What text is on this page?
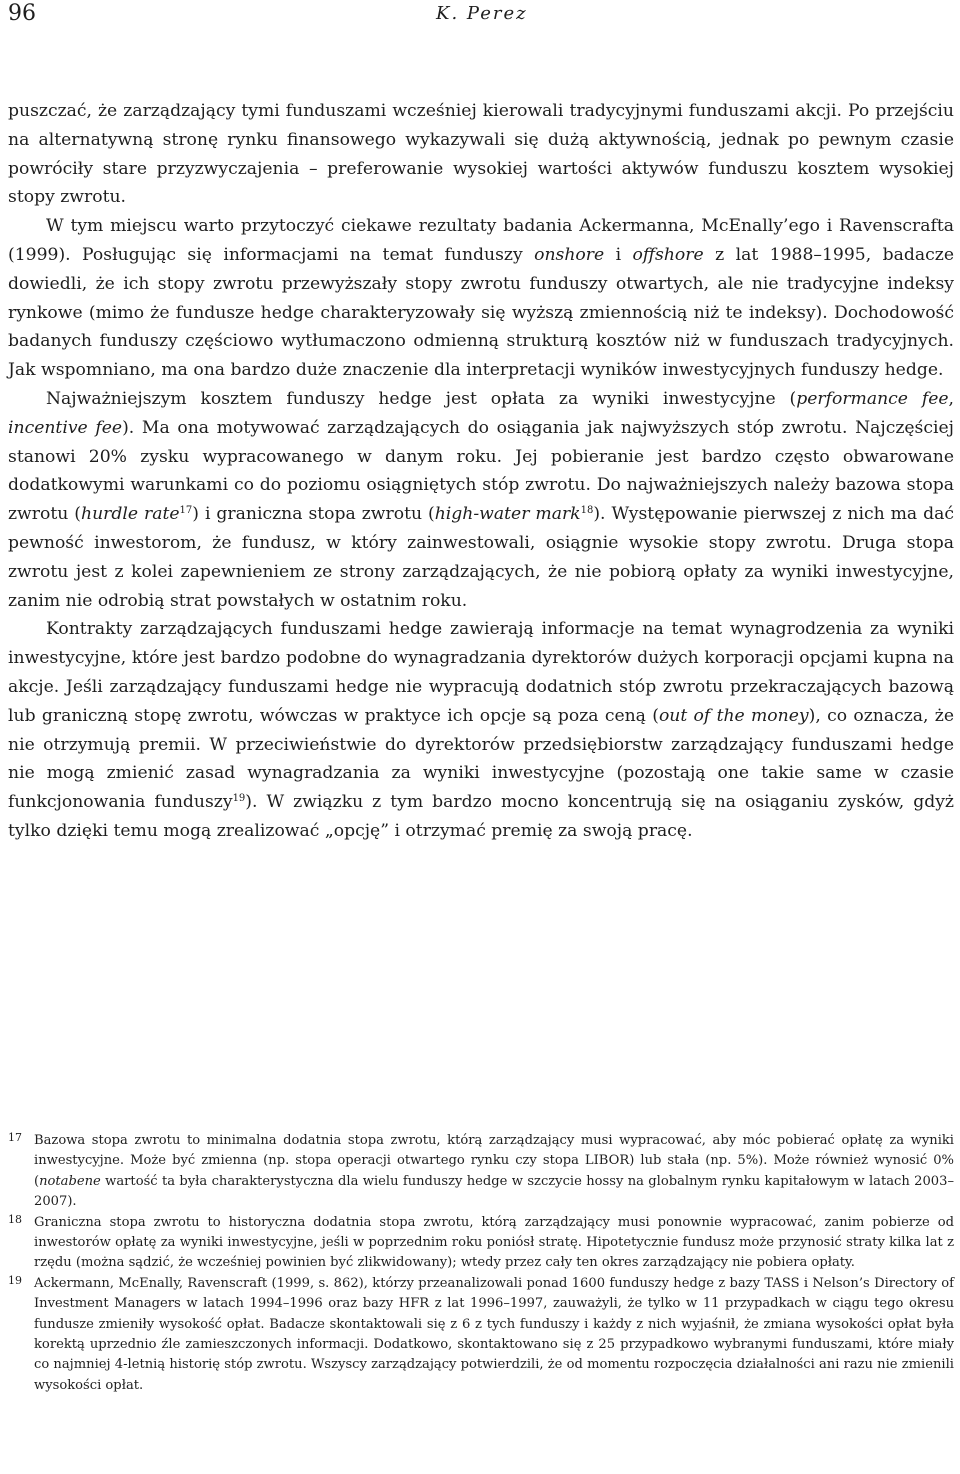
96	K. Perez

puszczać, że zarządzający tymi funduszami wcześniej kierowali tradycyjnymi funduszami akcji. Po przejściu na alternatywną stronę rynku finansowego wykazywali się dużą aktywnością, jednak po pewnym czasie powróciły stare przyzwyczajenia – preferowanie wysokiej wartości aktywów funduszu kosztem wysokiej stopy zwrotu.

W tym miejscu warto przytoczyć ciekawe rezultaty badania Ackermanna, McEnally’ego i Ravenscrafta (1999). Posługując się informacjami na temat funduszy onshore i offshore z lat 1988–1995, badacze dowiedli, że ich stopy zwrotu przewyższały stopy zwrotu funduszy otwartych, ale nie tradycyjne indeksy rynkowe (mimo że fundusze hedge charakteryzowały się wyższą zmiennością niż te indeksy). Dochodowość badanych funduszy częściowo wytłumaczono odmienną strukturą kosztów niż w funduszach tradycyjnych. Jak wspomniano, ma ona bardzo duże znaczenie dla interpretacji wyników inwestycyjnych funduszy hedge.

Najważniejszym kosztem funduszy hedge jest opłata za wyniki inwestycyjne (performance fee, incentive fee). Ma ona motywować zarządzających do osiągania jak najwyższych stóp zwrotu. Najczęściej stanowi 20% zysku wypracowanego w danym roku. Jej pobieranie jest bardzo często obwarowane dodatkowymi warunkami co do poziomu osiągniętych stóp zwrotu. Do najważniejszych należy bazowa stopa zwrotu (hurdle rate$^{17}$) i graniczna stopa zwrotu (high-water mark$^{18}$). Występowanie pierwszej z nich ma dać pewność inwestorom, że fundusz, w który zainwestowali, osiągnie wysokie stopy zwrotu. Druga stopa zwrotu jest z kolei zapewnieniem ze strony zarządzających, że nie pobiorą opłaty za wyniki inwestycyjne, zanim nie odrobią strat powstałych w ostatnim roku.

Kontrakty zarządzających funduszami hedge zawierają informacje na temat wynagrodzenia za wyniki inwestycyjne, które jest bardzo podobne do wynagradzania dyrektorów dużych korporacji opcjami kupna na akcje. Jeśli zarządzający funduszami hedge nie wypracują dodatnich stóp zwrotu przekraczających bazową lub graniczną stopę zwrotu, wówczas w praktyce ich opcje są poza ceną (out of the money), co oznacza, że nie otrzymują premii. W przeciwieństwie do dyrektorów przedsiębiorstw zarządzający funduszami hedge nie mogą zmienić zasad wynagradzania za wyniki inwestycyjne (pozostają one takie same w czasie funkcjonowania funduszy$^{19}$). W związku z tym bardzo mocno koncentrują się na osiąganiu zysków, gdyż tylko dzięki temu mogą zrealizować „opcję” i otrzymać premię za swoją pracę.

17 Bazowa stopa zwrotu to minimalna dodatnia stopa zwrotu, którą zarządzający musi wypracować, aby móc pobierać opłatę za wyniki inwestycyjne. Może być zmienna (np. stopa operacji otwartego rynku czy stopa LIBOR) lub stała (np. 5%). Może również wynosić 0% (notabene wartość ta była charakterystyczna dla wielu funduszy hedge w szczycie hossy na globalnym rynku kapitałowym w latach 2003–2007).
18 Graniczna stopa zwrotu to historyczna dodatnia stopa zwrotu, którą zarządzający musi ponownie wypracować, zanim pobierze od inwestorów opłatę za wyniki inwestycyjne, jeśli w poprzednim roku poniósł stratę. Hipotetycznie fundusz może przynosić straty kilka lat z rzędu (można sądzić, że wcześniej powinien być zlikwidowany); wtedy przez cały ten okres zarządzający nie pobiera opłaty.
19 Ackermann, McEnally, Ravenscraft (1999, s. 862), którzy przeanalizowali ponad 1600 funduszy hedge z bazy TASS i Nelson’s Directory of Investment Managers w latach 1994–1996 oraz bazy HFR z lat 1996–1997, zauważyli, że tylko w 11 przypadkach w ciągu tego okresu fundusze zmieniły wysokość opłat. Badacze skontaktowali się z 6 z tych funduszy i każdy z nich wyjaśnił, że zmiana wysokości opłat była korektą uprzednio źle zamieszczonych informacji. Dodatkowo, skontaktowano się z 25 przypadkowo wybranymi funduszami, które miały co najmniej 4-letnią historię stóp zwrotu. Wszyscy zarządzający potwierdzili, że od momentu rozpoczęcia działalności ani razu nie zmienili wysokości opłat.
